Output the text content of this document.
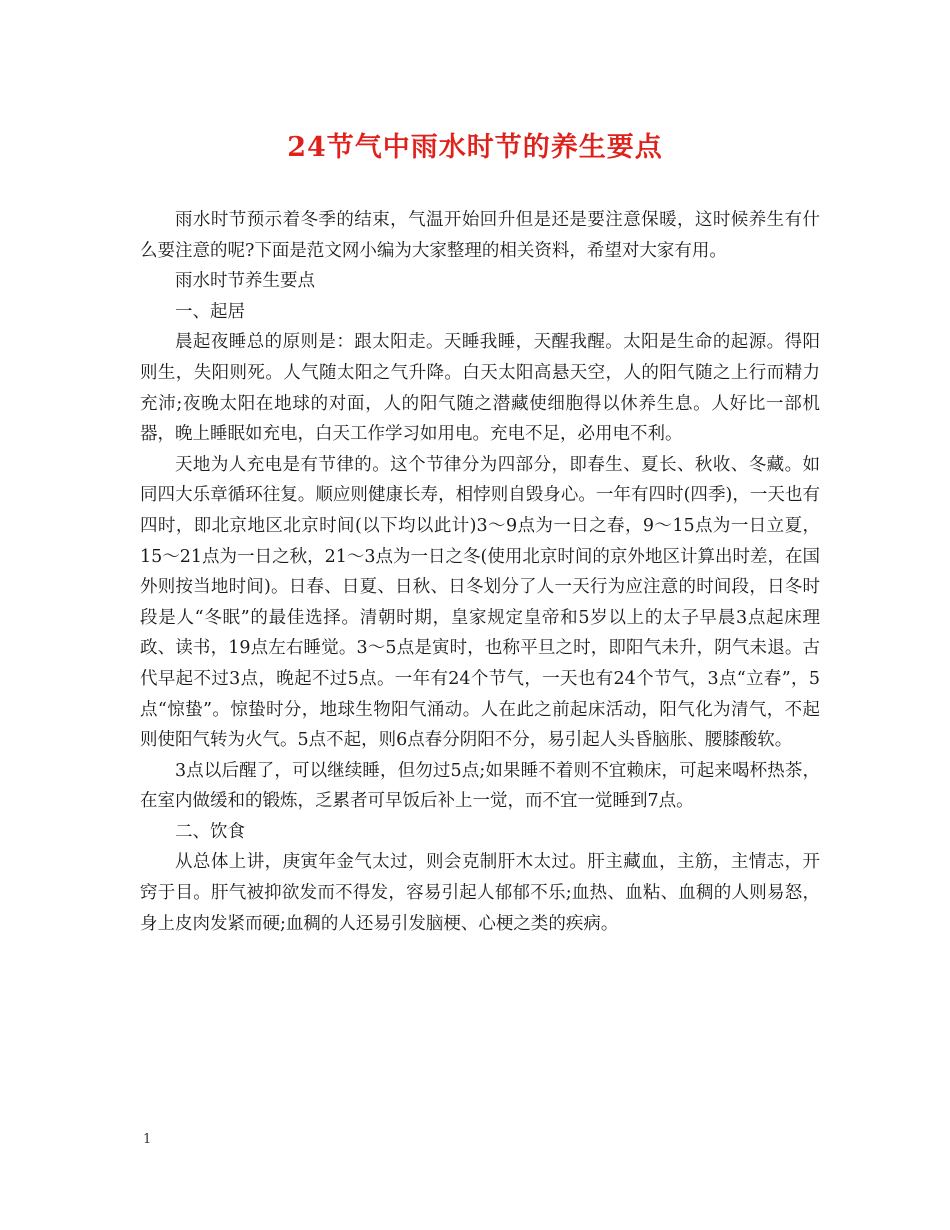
24节气中雨水时节的养生要点

雨水时节预示着冬季的结束，气温开始回升但是还是要注意保暖，这时候养生有什么要注意的呢?下面是范文网小编为大家整理的相关资料，希望对大家有用。

雨水时节养生要点

一、起居

晨起夜睡总的原则是：跟太阳走。天睡我睡，天醒我醒。太阳是生命的起源。得阳则生，失阳则死。人气随太阳之气升降。白天太阳高悬天空，人的阳气随之上行而精力充沛;夜晚太阳在地球的对面，人的阳气随之潜藏使细胞得以休养生息。人好比一部机器，晚上睡眠如充电，白天工作学习如用电。充电不足，必用电不利。

天地为人充电是有节律的。这个节律分为四部分，即春生、夏长、秋收、冬藏。如同四大乐章循环往复。顺应则健康长寿，相悖则自毁身心。一年有四时(四季)，一天也有四时，即北京地区北京时间(以下均以此计)3～9点为一日之春，9～15点为一日立夏，15～21点为一日之秋，21～3点为一日之冬(使用北京时间的京外地区计算出时差，在国外则按当地时间)。日春、日夏、日秋、日冬划分了人一天行为应注意的时间段，日冬时段是人“冬眠”的最佳选择。清朝时期，皇家规定皇帝和5岁以上的太子早晨3点起床理政、读书，19点左右睡觉。3～5点是寅时，也称平旦之时，即阳气未升，阴气未退。古代早起不过3点，晚起不过5点。一年有24个节气，一天也有24个节气，3点“立春”，5点“惊蛰”。惊蛰时分，地球生物阳气涌动。人在此之前起床活动，阳气化为清气，不起则使阳气转为火气。5点不起，则6点春分阴阳不分，易引起人头昏脑胀、腰膝酸软。

3点以后醒了，可以继续睡，但勿过5点;如果睡不着则不宜赖床，可起来喝杯热茶，在室内做缓和的锻炼，乏累者可早饭后补上一觉，而不宜一觉睡到7点。

二、饮食

从总体上讲，庚寅年金气太过，则会克制肝木太过。肝主藏血，主筋，主情志，开窍于目。肝气被抑欲发而不得发，容易引起人郁郁不乐;血热、血粘、血稠的人则易怒，身上皮肉发紧而硬;血稠的人还易引发脑梗、心梗之类的疾病。

1
